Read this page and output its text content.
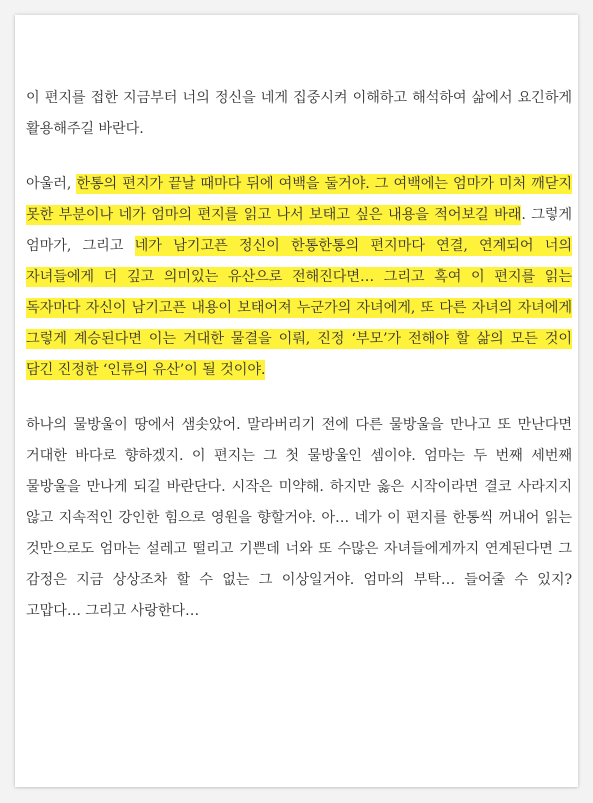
이 편지를 접한 지금부터 너의 정신을 네게 집중시켜 이해하고 해석하여 삶에서 요긴하게 활용해주길 바란다.

아울러, 한통의 편지가 끝날 때마다 뒤에 여백을 둘거야. 그 여백에는 엄마가 미처 깨닫지 못한 부분이나 네가 엄마의 편지를 읽고 나서 보태고 싶은 내용을 적어보길 바래. 그렇게 엄마가, 그리고 네가 남기고픈 정신이 한통한통의 편지마다 연결, 연계되어 너의 자녀들에게 더 깊고 의미있는 유산으로 전해진다면… 그리고 혹여 이 편지를 읽는 독자마다 자신이 남기고픈 내용이 보태어져 누군가의 자녀에게, 또 다른 자녀의 자녀에게 그렇게 계승된다면 이는 거대한 물결을 이뤄, 진정 ‘부모’가 전해야 할 삶의 모든 것이 담긴 진정한 ‘인류의 유산’이 될 것이야.

하나의 물방울이 땅에서 샘솟았어. 말라버리기 전에 다른 물방울을 만나고 또 만난다면 거대한 바다로 향하겠지. 이 편지는 그 첫 물방울인 셈이야. 엄마는 두 번째 세번째 물방울을 만나게 되길 바란단다. 시작은 미약해. 하지만 옳은 시작이라면 결코 사라지지 않고 지속적인 강인한 힘으로 영원을 향할거야. 아… 네가 이 편지를 한통씩 꺼내어 읽는 것만으로도 엄마는 설레고 떨리고 기쁜데 너와 또 수많은 자녀들에게까지 연계된다면 그 감정은 지금 상상조차 할 수 없는 그 이상일거야. 엄마의 부탁… 들어줄 수 있지? 고맙다… 그리고 사랑한다…
